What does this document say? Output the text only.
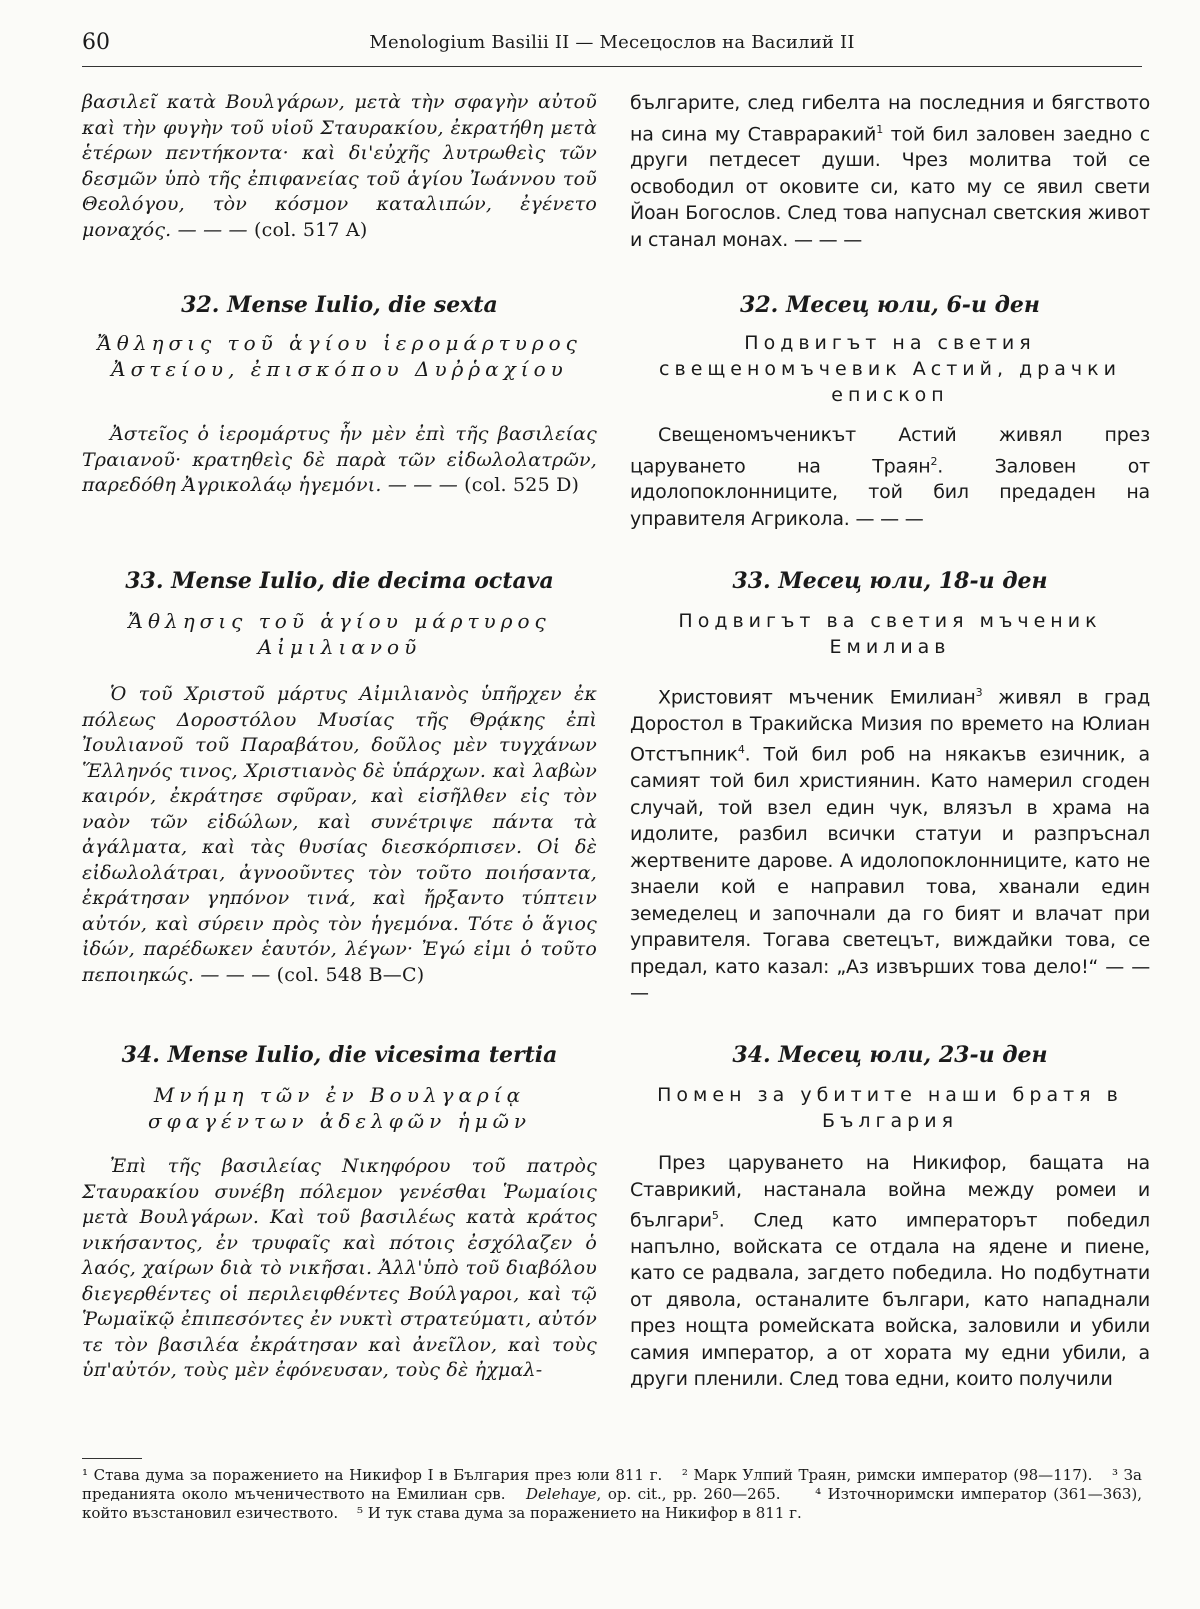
60	Menologium Basilii II — Месецослов на Василий II

βασιλεῖ κατὰ Βουλγάρων, μετὰ τὴν σφαγὴν αὐτοῦ καὶ τὴν φυγὴν τοῦ υἱοῦ Σταυρακίου, ἐκρατήθη μετὰ ἑτέρων πεντήκοντα· καὶ δι'εὐχῆς λυτρωθεὶς τῶν δεσμῶν ὑπὸ τῆς ἐπιφανείας τοῦ ἁγίου Ἰωάννου τοῦ Θεολόγου, τὸν κόσμον καταλιπών, ἐγένετο μοναχός. — — — (col. 517 A)

32. Mense Iulio, die sexta

Ἄθλησις τοῦ ἁγίου ἱερομάρτυρος Ἀστείου, ἐπισκόπου Δυῤῥαχίου

Ἀστεῖος ὁ ἱερομάρτυς ἦν μὲν ἐπὶ τῆς βασιλείας Τραιανοῦ· κρατηθεὶς δὲ παρὰ τῶν εἰδωλολατρῶν, παρεδόθη Ἀγρικολάῳ ἡγεμόνι. — — — (col. 525 D)

33. Mense Iulio, die decima octava

Ἄθλησις τοῦ ἁγίου μάρτυρος Αἰμιλιανοῦ

Ὁ τοῦ Χριστοῦ μάρτυς Αἰμιλιανὸς ὑπῆρχεν ἐκ πόλεως Δοροστόλου Μυσίας τῆς Θρᾴκης ἐπὶ Ἰουλιανοῦ τοῦ Παραβάτου, δοῦλος μὲν τυγχάνων Ἕλληνός τινος, Χριστιανὸς δὲ ὑπάρχων. καὶ λαβὼν καιρόν, ἐκράτησε σφῦραν, καὶ εἰσῆλθεν εἰς τὸν ναὸν τῶν εἰδώλων, καὶ συνέτριψε πάντα τὰ ἀγάλματα, καὶ τὰς θυσίας διεσκόρπισεν. Οἱ δὲ εἰδωλολάτραι, ἀγνοοῦντες τὸν τοῦτο ποιήσαντα, ἐκράτησαν γηπόνον τινά, καὶ ἤρξαντο τύπτειν αὐτόν, καὶ σύρειν πρὸς τὸν ἡγεμόνα. Τότε ὁ ἅγιος ἰδών, παρέδωκεν ἑαυτόν, λέγων· Ἐγώ εἰμι ὁ τοῦτο πεποιηκώς. — — — (col. 548 B—C)

34. Mense Iulio, die vicesima tertia

Μνήμη τῶν ἐν Βουλγαρίᾳ σφαγέντων ἀδελφῶν ἡμῶν

Ἐπὶ τῆς βασιλείας Νικηφόρου τοῦ πατρὸς Σταυρακίου συνέβη πόλεμον γενέσθαι Ῥωμαίοις μετὰ Βουλγάρων. Καὶ τοῦ βασιλέως κατὰ κράτος νικήσαντος, ἐν τρυφαῖς καὶ πότοις ἐσχόλαζεν ὁ λαός, χαίρων διὰ τὸ νικῆσαι. Ἀλλ'ὑπὸ τοῦ διαβόλου διεγερθέντες οἱ περιλειφθέντες Βούλγαροι, καὶ τῷ Ῥωμαϊκῷ ἐπιπεσόντες ἐν νυκτὶ στρατεύματι, αὐτόν τε τὸν βασιλέα ἐκράτησαν καὶ ἀνεῖλον, καὶ τοὺς ὑπ'αὐτόν, τοὺς μὲν ἐφόνευσαν, τοὺς δὲ ἠχμαλ-

българите, след гибелта на последния и бягството на сина му Ставраракий$^1$ той бил заловен заедно с други петдесет души. Чрез молитва той се освободил от оковите си, като му се явил свети Йоан Богослов. След това напуснал светския живот и станал монах. — — —

32. Месец юли, 6-и ден

Подвигът на светия свещеномъчевик Астий, драчки епископ

Свещеномъченикът Астий живял през царуването на Траян$^2$. Заловен от идолопоклонниците, той бил предаден на управителя Агрикола. — — —

33. Месец юли, 18-и ден

Подвигът ва светия мъченик Емилиав

Христовият мъченик Емилиан$^3$ живял в град Доростол в Тракийска Мизия по времето на Юлиан Отстъпник$^4$. Той бил роб на някакъв езичник, а самият той бил християнин. Като намерил сгоден случай, той взел един чук, влязъл в храма на идолите, разбил всички статуи и разпръснал жертвените дарове. А идолопоклонниците, като не знаели кой е направил това, хванали един земеделец и започнали да го бият и влачат при управителя. Тогава светецът, виждайки това, се предал, като казал: „Аз извърших това дело!“ — — —

34. Месец юли, 23-и ден

Помен за убитите наши братя в България

През царуването на Никифор, бащата на Ставрикий, настанала война между ромеи и българи$^5$. След като императорът победил напълно, войската се отдала на ядене и пиене, като се радвала, загдето победила. Но подбутнати от дявола, останалите българи, като нападнали през нощта ромейската войска, заловили и убили самия император, а от хората му едни убили, а други пленили. След това едни, които получили

¹ Става дума за поражението на Никифор I в България през юли 811 г. ² Марк Улпий Траян, римски император (98—117). ³ За преданията около мъченичеството на Емилиан срв. Delehaye, op. cit., pp. 260—265. ⁴ Източноримски император (361—363), който възстановил езичеството. ⁵ И тук става дума за поражението на Никифор в 811 г.
